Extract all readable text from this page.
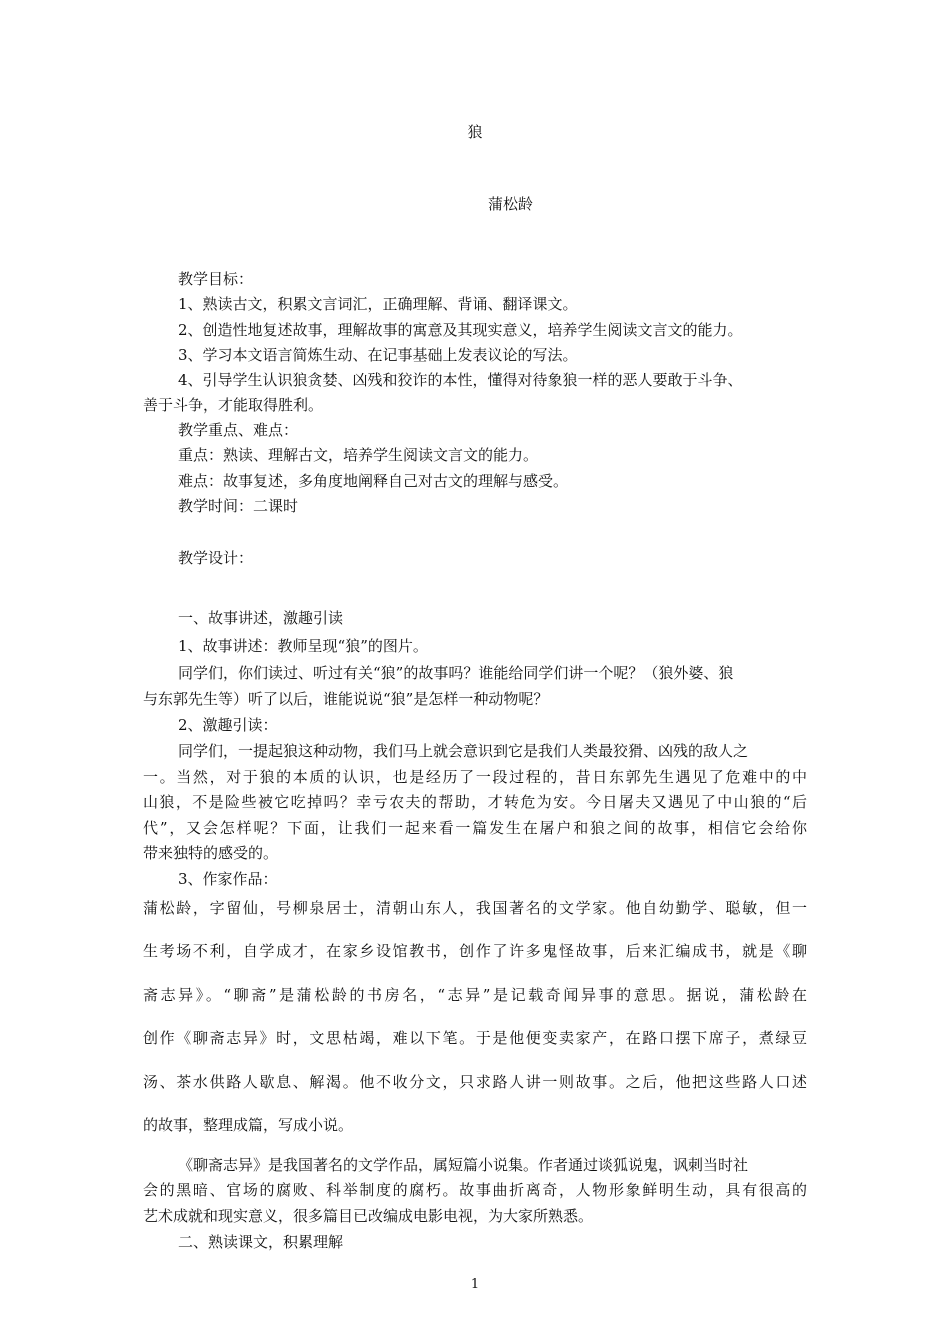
狼
蒲松龄
教学目标：
1、熟读古文，积累文言词汇，正确理解、背诵、翻译课文。
2、创造性地复述故事，理解故事的寓意及其现实意义，培养学生阅读文言文的能力。
3、学习本文语言简炼生动、在记事基础上发表议论的写法。
4、引导学生认识狼贪婪、凶残和狡诈的本性，懂得对待象狼一样的恶人要敢于斗争、
善于斗争，才能取得胜利。
教学重点、难点：
重点：熟读、理解古文，培养学生阅读文言文的能力。
难点：故事复述，多角度地阐释自己对古文的理解与感受。
教学时间：二课时
教学设计：
一、故事讲述，激趣引读
1、故事讲述：教师呈现“狼”的图片。
同学们，你们读过、听过有关“狼”的故事吗？谁能给同学们讲一个呢？（狼外婆、狼
与东郭先生等）听了以后，谁能说说“狼”是怎样一种动物呢？
2、激趣引读：
同学们，一提起狼这种动物，我们马上就会意识到它是我们人类最狡猾、凶残的敌人之
一。当然，对于狼的本质的认识，也是经历了一段过程的，昔日东郭先生遇见了危难中的中
山狼，不是险些被它吃掉吗？幸亏农夫的帮助，才转危为安。今日屠夫又遇见了中山狼的“后
代”，又会怎样呢？下面，让我们一起来看一篇发生在屠户和狼之间的故事，相信它会给你
带来独特的感受的。
3、作家作品：
蒲松龄，字留仙，号柳泉居士，清朝山东人，我国著名的文学家。他自幼勤学、聪敏，但一
生考场不利，自学成才，在家乡设馆教书，创作了许多鬼怪故事，后来汇编成书，就是《聊
斋志异》。“聊斋”是蒲松龄的书房名，“志异”是记载奇闻异事的意思。据说，蒲松龄在
创作《聊斋志异》时，文思枯竭，难以下笔。于是他便变卖家产，在路口摆下席子，煮绿豆
汤、茶水供路人歇息、解渴。他不收分文，只求路人讲一则故事。之后，他把这些路人口述
的故事，整理成篇，写成小说。
《聊斋志异》是我国著名的文学作品，属短篇小说集。作者通过谈狐说鬼，讽刺当时社
会的黑暗、官场的腐败、科举制度的腐朽。故事曲折离奇，人物形象鲜明生动，具有很高的
艺术成就和现实意义，很多篇目已改编成电影电视，为大家所熟悉。
二、熟读课文，积累理解
1
